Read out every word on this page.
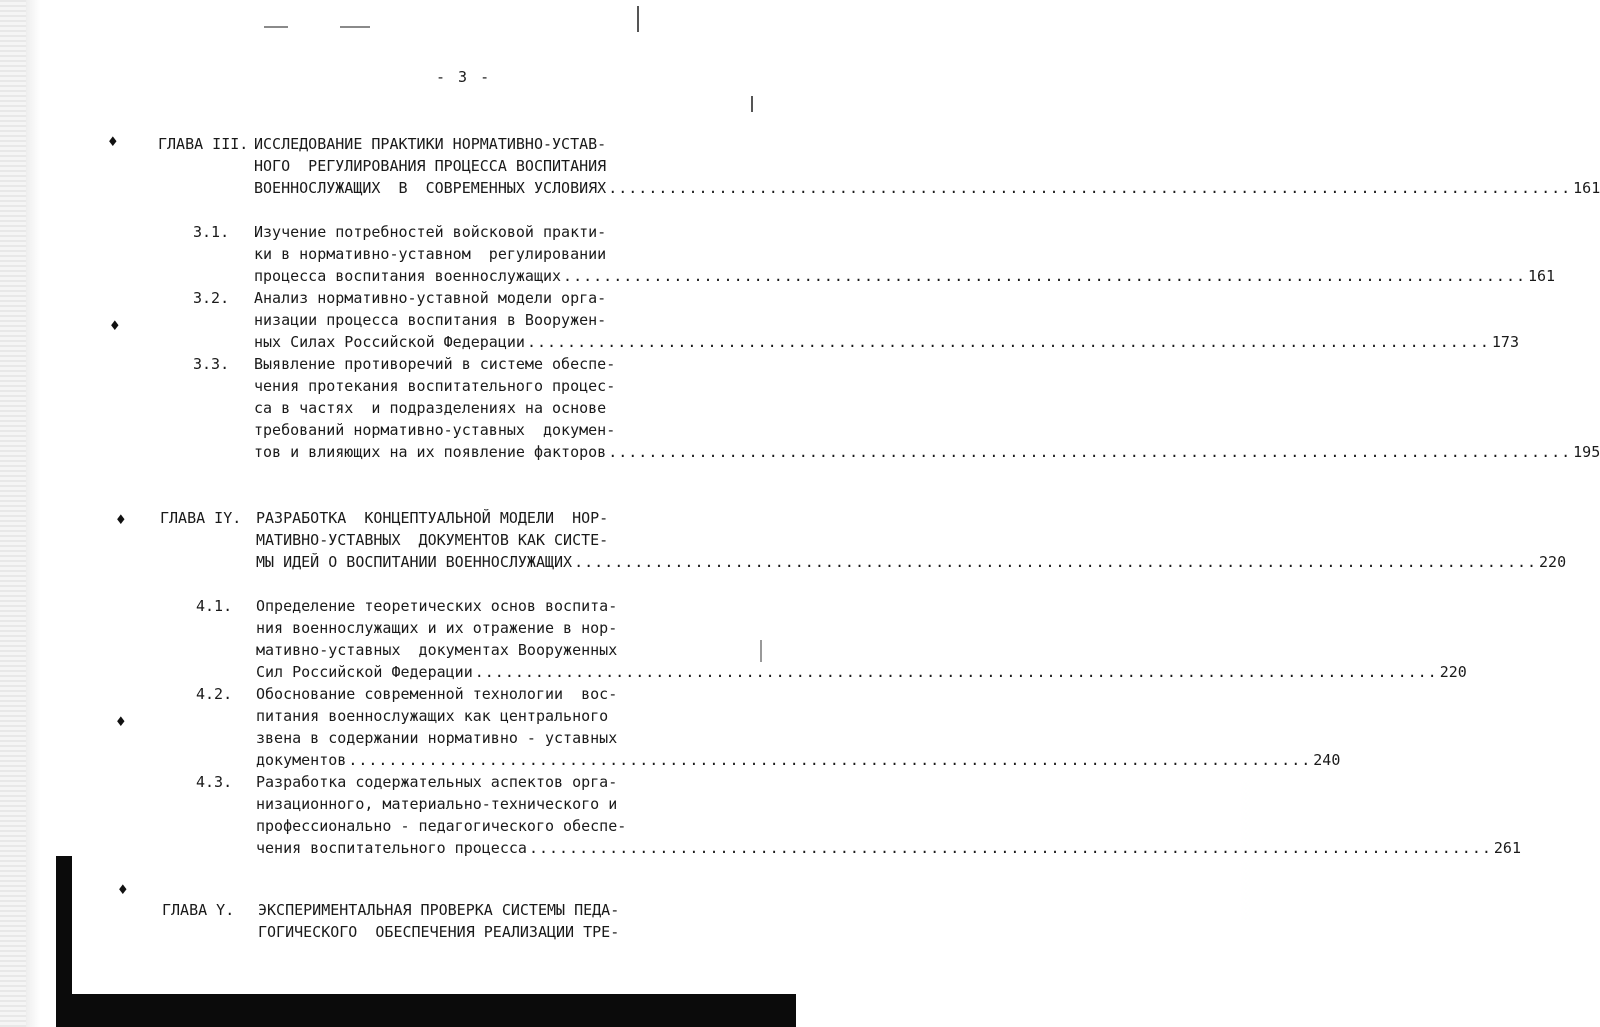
♦
♦
♦
♦
♦
- 3 -
ГЛАВА III. ИССЛЕДОВАНИЕ ПРАКТИКИ НОРМАТИВНО-УСТАВ-
НОГО  РЕГУЛИРОВАНИЯ ПРОЦЕССА ВОСПИТАНИЯ
ВОЕННОСЛУЖАЩИХ  В  СОВРЕМЕННЫХ УСЛОВИЯХ ................................................................................................ 161
3.1. Изучение потребностей войсковой практи-
ки в нормативно-уставном  регулировании
процесса воспитания военнослужащих ................................................................................................ 161
3.2. Анализ нормативно-уставной модели орга-
низации процесса воспитания в Вооружен-
ных Силах Российской Федерации ................................................................................................ 173
3.3. Выявление противоречий в системе обеспе-
чения протекания воспитательного процес-
са в частях  и подразделениях на основе
требований нормативно-уставных  докумен-
тов и влияющих на их появление факторов ................................................................................................ 195
ГЛАВА IY. РАЗРАБОТКА  КОНЦЕПТУАЛЬНОЙ МОДЕЛИ  НОР-
МАТИВНО-УСТАВНЫХ  ДОКУМЕНТОВ КАК СИСТЕ-
МЫ ИДЕЙ О ВОСПИТАНИИ ВОЕННОСЛУЖАЩИХ ................................................................................................ 220
4.1. Определение теоретических основ воспита-
ния военнослужащих и их отражение в нор-
мативно-уставных  документах Вооруженных
Сил Российской Федерации ................................................................................................ 220
4.2. Обоснование современной технологии  вос-
питания военнослужащих как центрального
звена в содержании нормативно - уставных
документов ................................................................................................ 240
4.3. Разработка содержательных аспектов орга-
низационного, материально-технического и
профессионально - педагогического обеспе-
чения воспитательного процесса ................................................................................................ 261
ГЛАВА Y. ЭКСПЕРИМЕНТАЛЬНАЯ ПРОВЕРКА СИСТЕМЫ ПЕДА-
ГОГИЧЕСКОГО  ОБЕСПЕЧЕНИЯ РЕАЛИЗАЦИИ ТРЕ-
